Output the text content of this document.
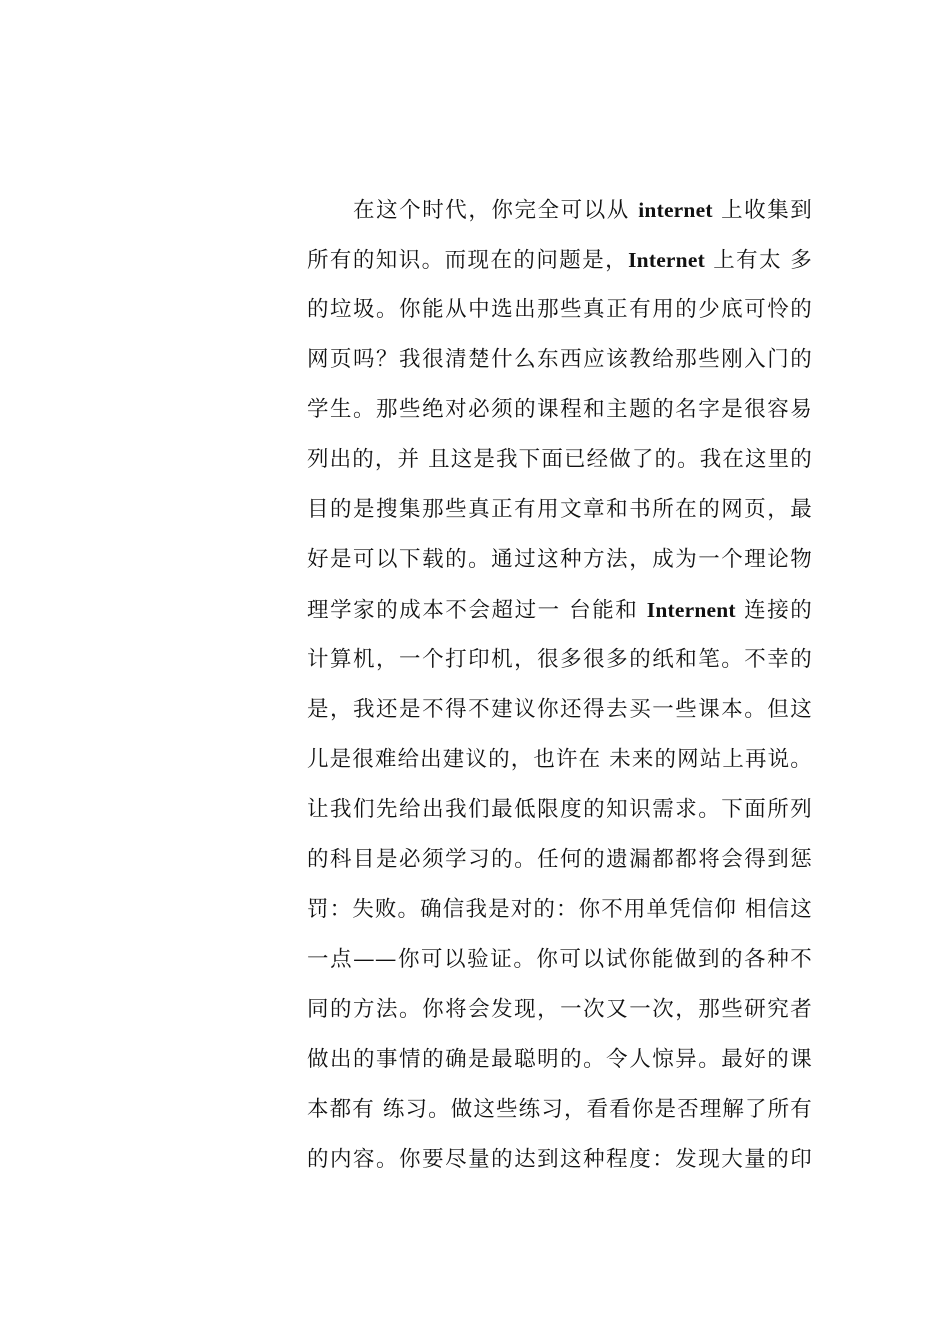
在这个时代，你完全可以从 internet 上收集到
所有的知识。而现在的问题是，Internet 上有太 多
的垃圾。你能从中选出那些真正有用的少底可怜的
网页吗？我很清楚什么东西应该教给那些刚入门的
学生。那些绝对必须的课程和主题的名字是很容易
列出的，并 且这是我下面已经做了的。我在这里的
目的是搜集那些真正有用文章和书所在的网页，最
好是可以下载的。通过这种方法，成为一个理论物
理学家的成本不会超过一 台能和 Internent 连接的
计算机，一个打印机，很多很多的纸和笔。不幸的
是，我还是不得不建议你还得去买一些课本。但这
儿是很难给出建议的，也许在 未来的网站上再说。
让我们先给出我们最低限度的知识需求。下面所列
的科目是必须学习的。任何的遗漏都都将会得到惩
罚：失败。确信我是对的：你不用单凭信仰 相信这
一点——你可以验证。你可以试你能做到的各种不
同的方法。你将会发现，一次又一次，那些研究者
做出的事情的确是最聪明的。令人惊异。最好的课
本都有 练习。做这些练习，看看你是否理解了所有
的内容。你要尽量的达到这种程度：发现大量的印
